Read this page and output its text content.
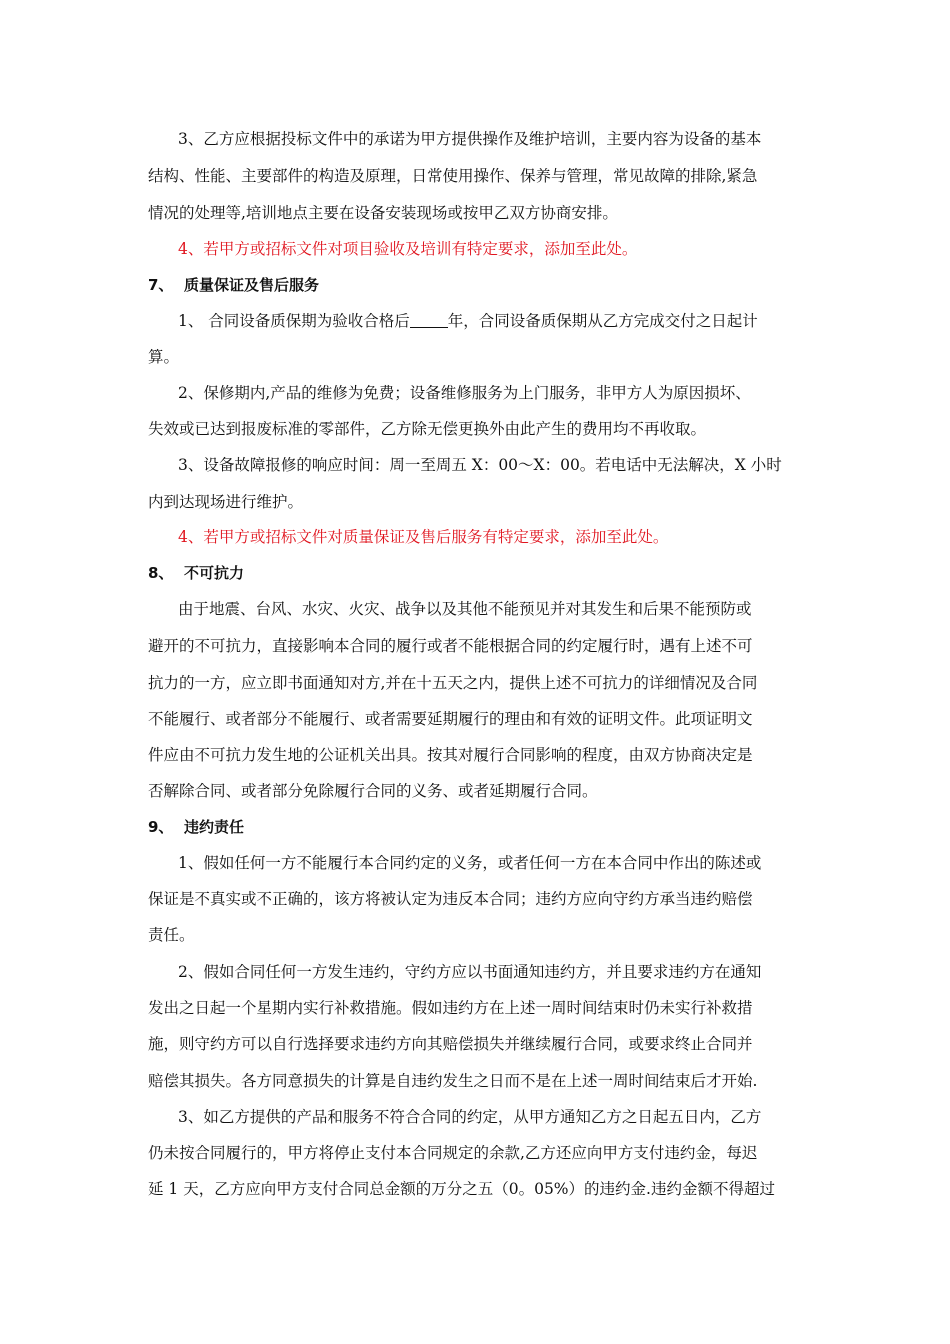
3、乙方应根据投标文件中的承诺为甲方提供操作及维护培训，主要内容为设备的基本
结构、性能、主要部件的构造及原理，日常使用操作、保养与管理，常见故障的排除,紧急
情况的处理等,培训地点主要在设备安装现场或按甲乙双方协商安排。
4、若甲方或招标文件对项目验收及培训有特定要求，添加至此处。
7、 质量保证及售后服务
1、 合同设备质保期为验收合格后 年，合同设备质保期从乙方完成交付之日起计
算。
2、保修期内,产品的维修为免费；设备维修服务为上门服务，非甲方人为原因损坏、
失效或已达到报废标准的零部件，乙方除无偿更换外由此产生的费用均不再收取。
3、设备故障报修的响应时间：周一至周五 X：00～X：00。若电话中无法解决，X 小时
内到达现场进行维护。
4、若甲方或招标文件对质量保证及售后服务有特定要求，添加至此处。
8、 不可抗力
由于地震、台风、水灾、火灾、战争以及其他不能预见并对其发生和后果不能预防或
避开的不可抗力，直接影响本合同的履行或者不能根据合同的约定履行时，遇有上述不可
抗力的一方，应立即书面通知对方,并在十五天之内，提供上述不可抗力的详细情况及合同
不能履行、或者部分不能履行、或者需要延期履行的理由和有效的证明文件。此项证明文
件应由不可抗力发生地的公证机关出具。按其对履行合同影响的程度，由双方协商决定是
否解除合同、或者部分免除履行合同的义务、或者延期履行合同。
9、 违约责任
1、假如任何一方不能履行本合同约定的义务，或者任何一方在本合同中作出的陈述或
保证是不真实或不正确的，该方将被认定为违反本合同；违约方应向守约方承当违约赔偿
责任。
2、假如合同任何一方发生违约，守约方应以书面通知违约方，并且要求违约方在通知
发出之日起一个星期内实行补救措施。假如违约方在上述一周时间结束时仍未实行补救措
施，则守约方可以自行选择要求违约方向其赔偿损失并继续履行合同，或要求终止合同并
赔偿其损失。各方同意损失的计算是自违约发生之日而不是在上述一周时间结束后才开始.
3、如乙方提供的产品和服务不符合合同的约定，从甲方通知乙方之日起五日内，乙方
仍未按合同履行的，甲方将停止支付本合同规定的余款,乙方还应向甲方支付违约金，每迟
延 1 天，乙方应向甲方支付合同总金额的万分之五（0。05%）的违约金.违约金额不得超过
